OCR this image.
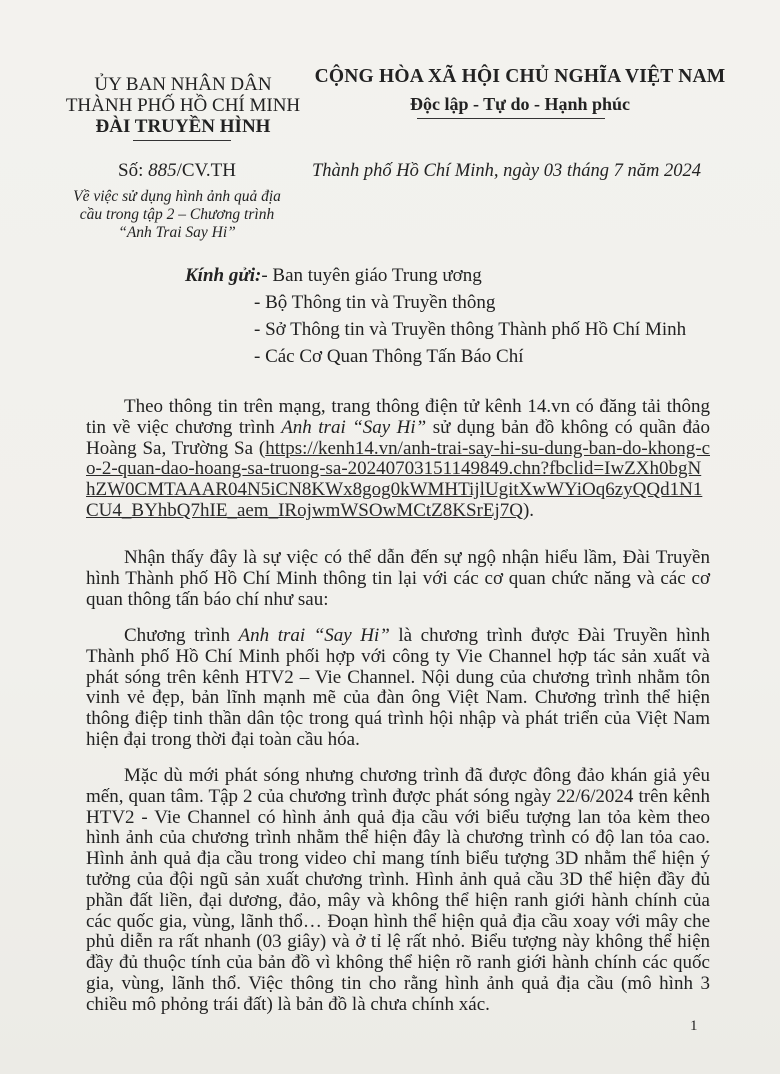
ỦY BAN NHÂN DÂN
THÀNH PHỐ HỒ CHÍ MINH
ĐÀI TRUYỀN HÌNH
CỘNG HÒA XÃ HỘI CHỦ NGHĨA VIỆT NAM
Độc lập - Tự do - Hạnh phúc
Số: 885/CV.TH
Về việc sử dụng hình ảnh quả địa
cầu trong tập 2 – Chương trình
“Anh Trai Say Hi”
Thành phố Hồ Chí Minh, ngày 03 tháng 7 năm 2024
Kính gửi:- Ban tuyên giáo Trung ương
- Bộ Thông tin và Truyền thông
- Sở Thông tin và Truyền thông Thành phố Hồ Chí Minh
- Các Cơ Quan Thông Tấn Báo Chí

Theo thông tin trên mạng, trang thông điện tử kênh 14.vn có đăng tải thông tin về việc chương trình Anh trai “Say Hi” sử dụng bản đồ không có quần đảo Hoàng Sa, Trường Sa (https://kenh14.vn/anh-trai-say-hi-su-dung-ban-do-khong-co-2-quan-dao-hoang-sa-truong-sa-20240703151149849.chn?fbclid=IwZXh0bgNhZW0CMTAAAR04N5iCN8KWx8gog0kWMHTijlUgitXwWYiOq6zyQQd1N1CU4_BYhbQ7hIE_aem_IRojwmWSOwMCtZ8KSrEj7Q).

Nhận thấy đây là sự việc có thể dẫn đến sự ngộ nhận hiểu lầm, Đài Truyền hình Thành phố Hồ Chí Minh thông tin lại với các cơ quan chức năng và các cơ quan thông tấn báo chí như sau:

Chương trình Anh trai “Say Hi” là chương trình được Đài Truyền hình Thành phố Hồ Chí Minh phối hợp với công ty Vie Channel hợp tác sản xuất và phát sóng trên kênh HTV2 – Vie Channel. Nội dung của chương trình nhằm tôn vinh vẻ đẹp, bản lĩnh mạnh mẽ của đàn ông Việt Nam. Chương trình thể hiện thông điệp tinh thần dân tộc trong quá trình hội nhập và phát triển của Việt Nam hiện đại trong thời đại toàn cầu hóa.

Mặc dù mới phát sóng nhưng chương trình đã được đông đảo khán giả yêu mến, quan tâm. Tập 2 của chương trình được phát sóng ngày 22/6/2024 trên kênh HTV2 - Vie Channel có hình ảnh quả địa cầu với biểu tượng lan tỏa kèm theo hình ảnh của chương trình nhằm thể hiện đây là chương trình có độ lan tỏa cao. Hình ảnh quả địa cầu trong video chỉ mang tính biểu tượng 3D nhằm thể hiện ý tưởng của đội ngũ sản xuất chương trình. Hình ảnh quả cầu 3D thể hiện đầy đủ phần đất liền, đại dương, đảo, mây và không thể hiện ranh giới hành chính của các quốc gia, vùng, lãnh thổ… Đoạn hình thể hiện quả địa cầu xoay với mây che phủ diễn ra rất nhanh (03 giây) và ở tỉ lệ rất nhỏ. Biểu tượng này không thể hiện đầy đủ thuộc tính của bản đồ vì không thể hiện rõ ranh giới hành chính các quốc gia, vùng, lãnh thổ. Việc thông tin cho rằng hình ảnh quả địa cầu (mô hình 3 chiều mô phỏng trái đất) là bản đồ là chưa chính xác.

1
